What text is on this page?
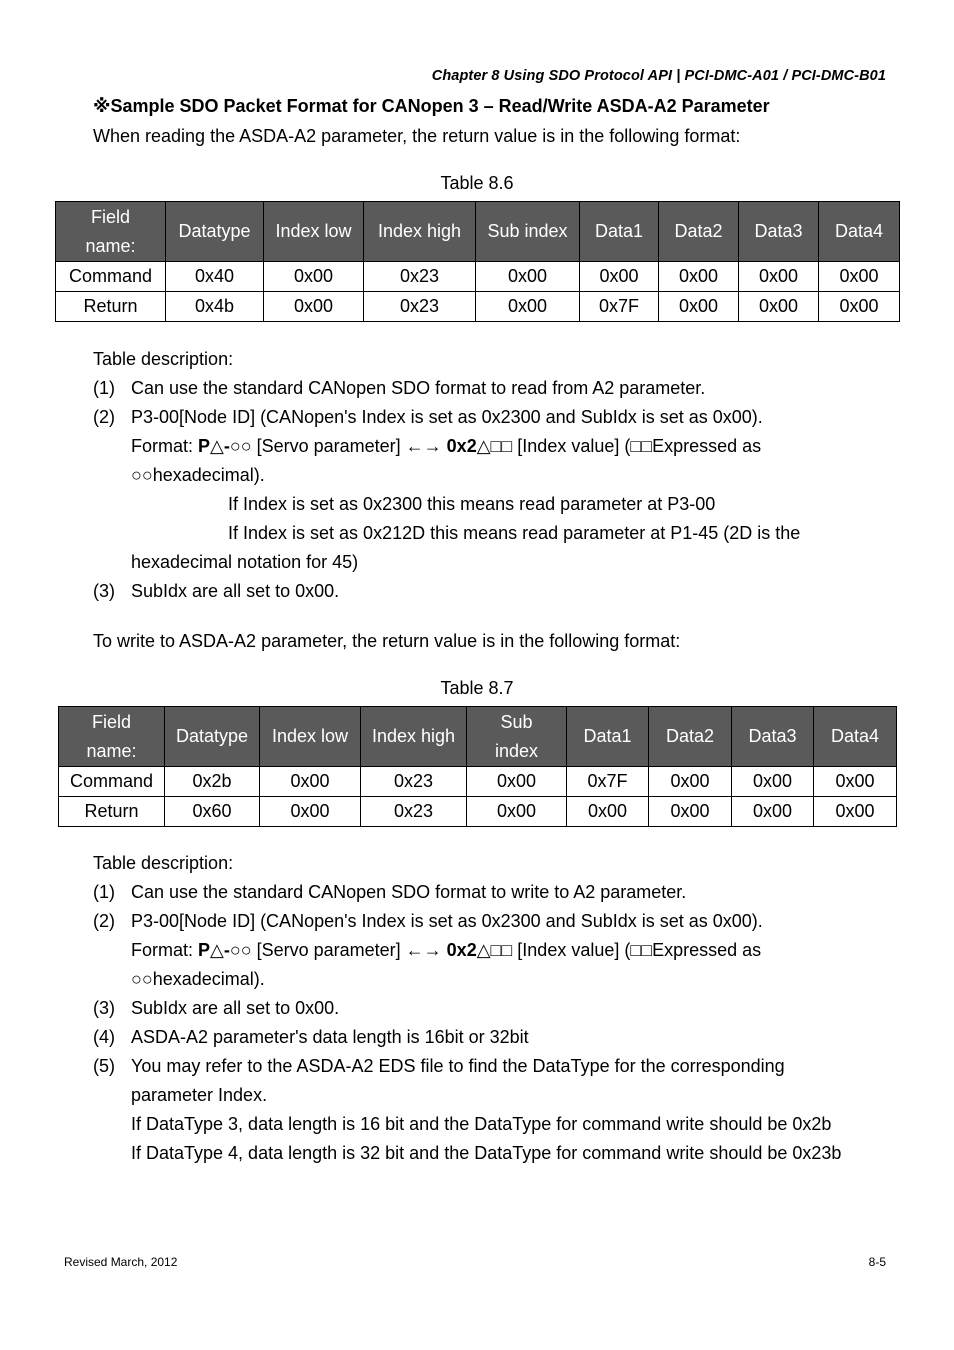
Chapter 8 Using SDO Protocol API | PCI-DMC-A01 / PCI-DMC-B01
※Sample SDO Packet Format for CANopen 3 – Read/Write ASDA-A2 Parameter
When reading the ASDA-A2 parameter, the return value is in the following format:
Table 8.6
Field name:	Datatype	Index low	Index high	Sub index	Data1	Data2	Data3	Data4
Command	0x40	0x00	0x23	0x00	0x00	0x00	0x00	0x00
Return	0x4b	0x00	0x23	0x00	0x7F	0x00	0x00	0x00
Table description:
(1) Can use the standard CANopen SDO format to read from A2 parameter.
(2) P3-00[Node ID] (CANopen's Index is set as 0x2300 and SubIdx is set as 0x00).
Format: P△-○○ [Servo parameter] ←→ 0x2△□□ [Index value] (□□Expressed as
○○hexadecimal).
If Index is set as 0x2300 this means read parameter at P3-00
If Index is set as 0x212D this means read parameter at P1-45 (2D is the
hexadecimal notation for 45)
(3) SubIdx are all set to 0x00.
To write to ASDA-A2 parameter, the return value is in the following format:
Table 8.7
Field name:	Datatype	Index low	Index high	Sub index	Data1	Data2	Data3	Data4
Command	0x2b	0x00	0x23	0x00	0x7F	0x00	0x00	0x00
Return	0x60	0x00	0x23	0x00	0x00	0x00	0x00	0x00
Table description:
(1) Can use the standard CANopen SDO format to write to A2 parameter.
(2) P3-00[Node ID] (CANopen's Index is set as 0x2300 and SubIdx is set as 0x00).
Format: P△-○○ [Servo parameter] ←→ 0x2△□□ [Index value] (□□Expressed as
○○hexadecimal).
(3) SubIdx are all set to 0x00.
(4) ASDA-A2 parameter's data length is 16bit or 32bit
(5) You may refer to the ASDA-A2 EDS file to find the DataType for the corresponding
parameter Index.
If DataType 3, data length is 16 bit and the DataType for command write should be 0x2b
If DataType 4, data length is 32 bit and the DataType for command write should be 0x23b
Revised March, 2012	8-5
